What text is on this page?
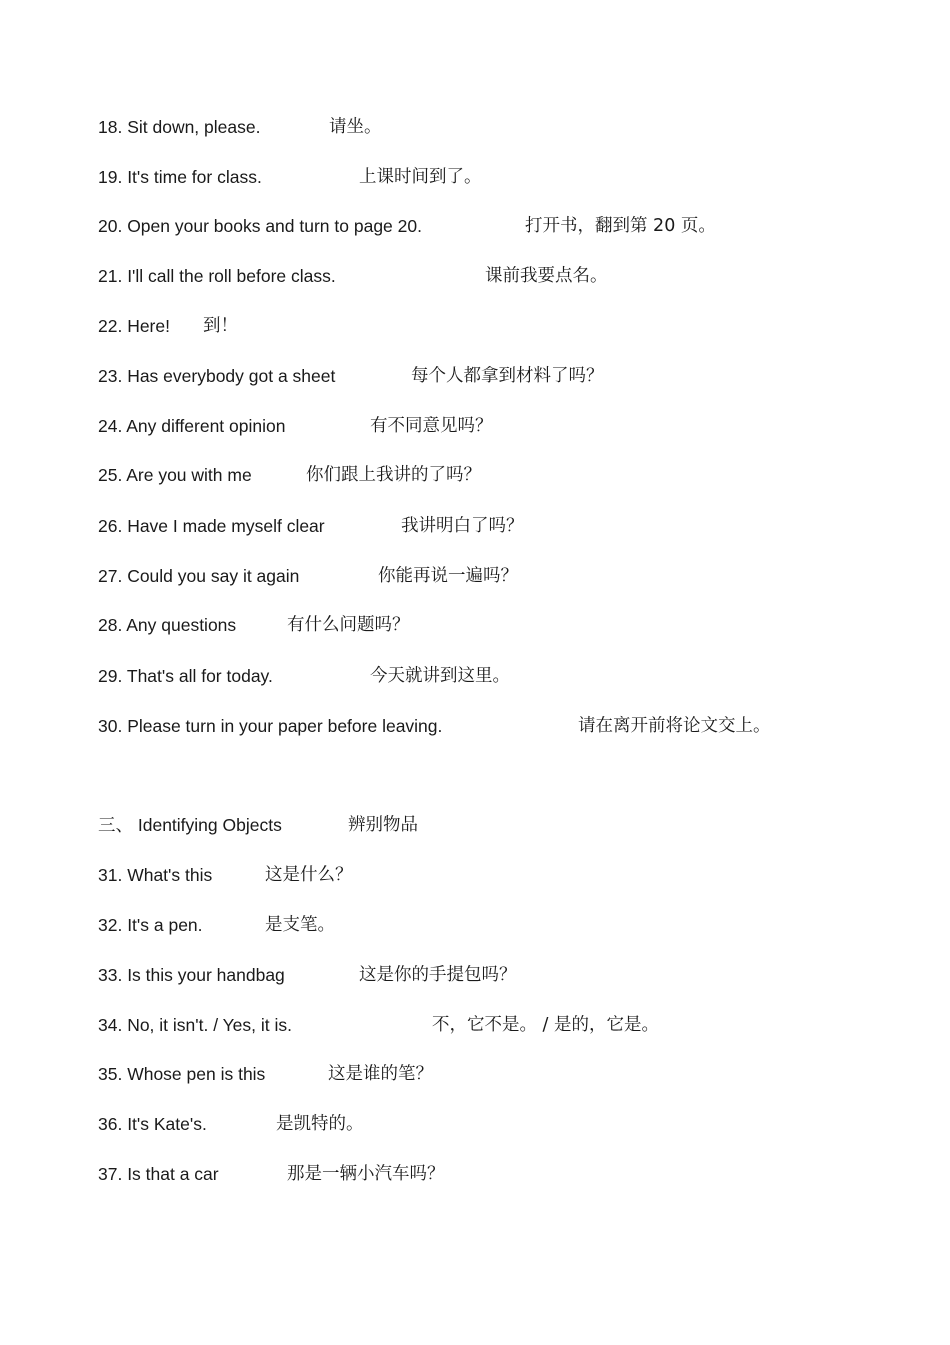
18. Sit down, please.	请坐。
19. It's time for class.	上课时间到了。
20. Open your books and turn to page 20.	打开书，翻到第 20 页。
21. I'll call the roll before class.	课前我要点名。
22. Here! 到！
23. Has everybody got a sheet	每个人都拿到材料了吗？
24. Any different opinion	有不同意见吗？
25. Are you with me	你们跟上我讲的了吗？
26. Have I made myself clear	我讲明白了吗？
27. Could you say it again	你能再说一遍吗？
28. Any questions	有什么问题吗？
29. That's all for today.	今天就讲到这里。
30. Please turn in your paper before leaving.	请在离开前将论文交上。
三、 Identifying Objects	辨别物品
31. What's this	这是什么？
32. It's a pen.	是支笔。
33. Is this your handbag	这是你的手提包吗？
34. No, it isn't. / Yes, it is.	不，它不是。 / 是的，它是。
35. Whose pen is this	这是谁的笔？
36. It's Kate's.	是凯特的。
37. Is that a car	那是一辆小汽车吗？
